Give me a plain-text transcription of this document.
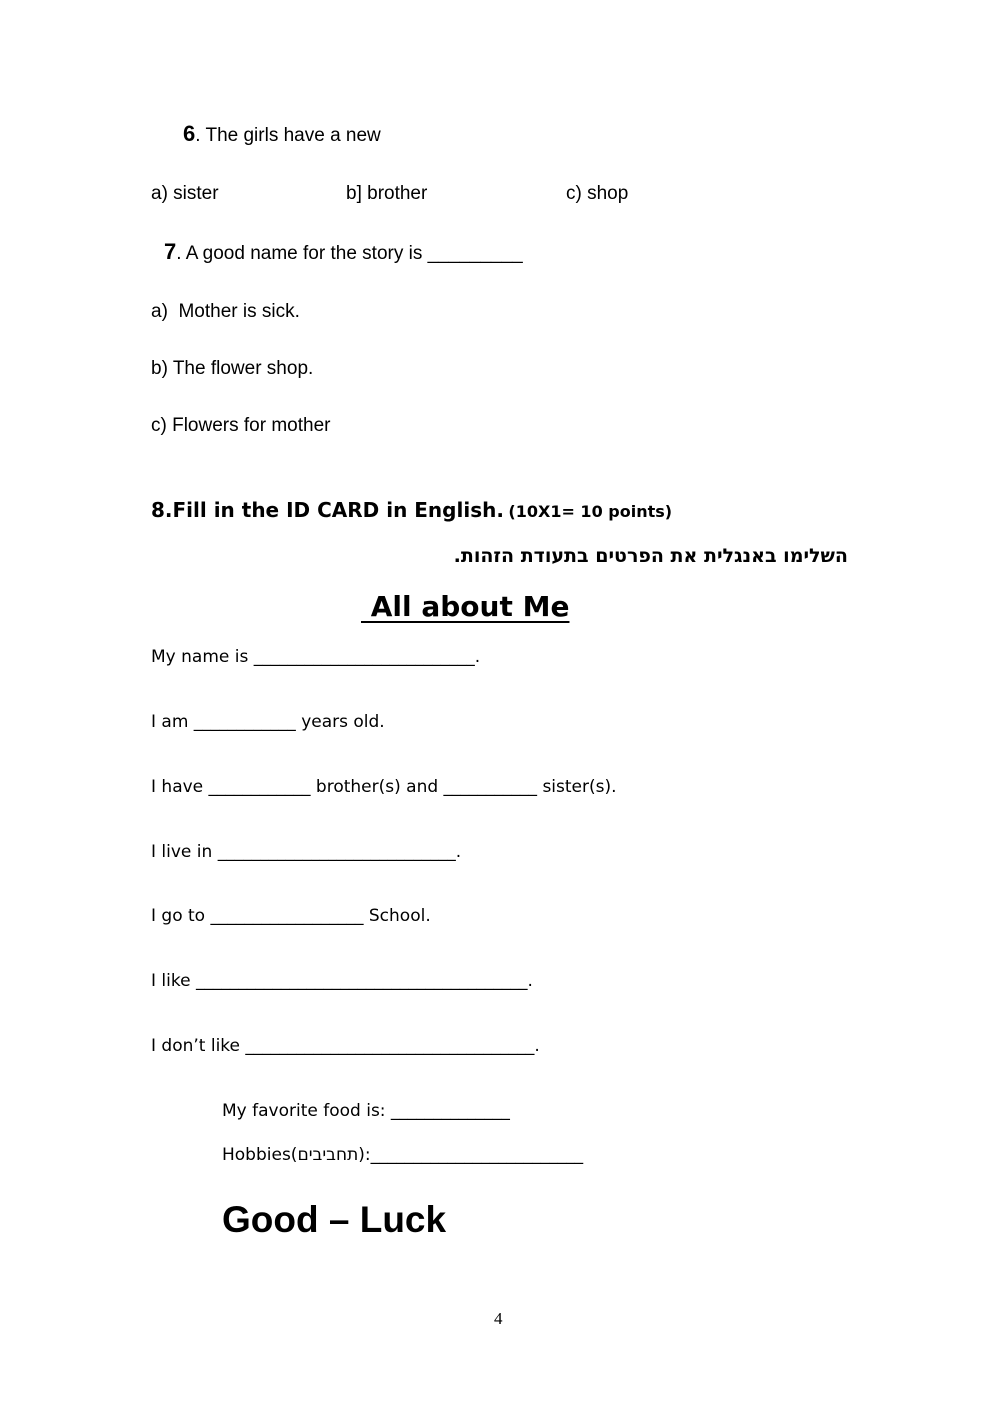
6. The girls have a new
a) sister	b] brother	c) shop
7. A good name for the story is _________
a)  Mother is sick.
b) The flower shop.
c) Flowers for mother
8.Fill in the ID CARD in English. (10X1= 10 points)
השלימו באנגלית את הפרטים בתעודת הזהות.
All about Me
My name is __________________________.
I am ____________ years old.
I have ____________ brother(s) and ___________ sister(s).
I live in ____________________________.
I go to __________________ School.
I like _______________________________________.
I don’t like __________________________________.
My favorite food is: ______________
Hobbies(תחביבים):_________________________
Good – Luck
4
